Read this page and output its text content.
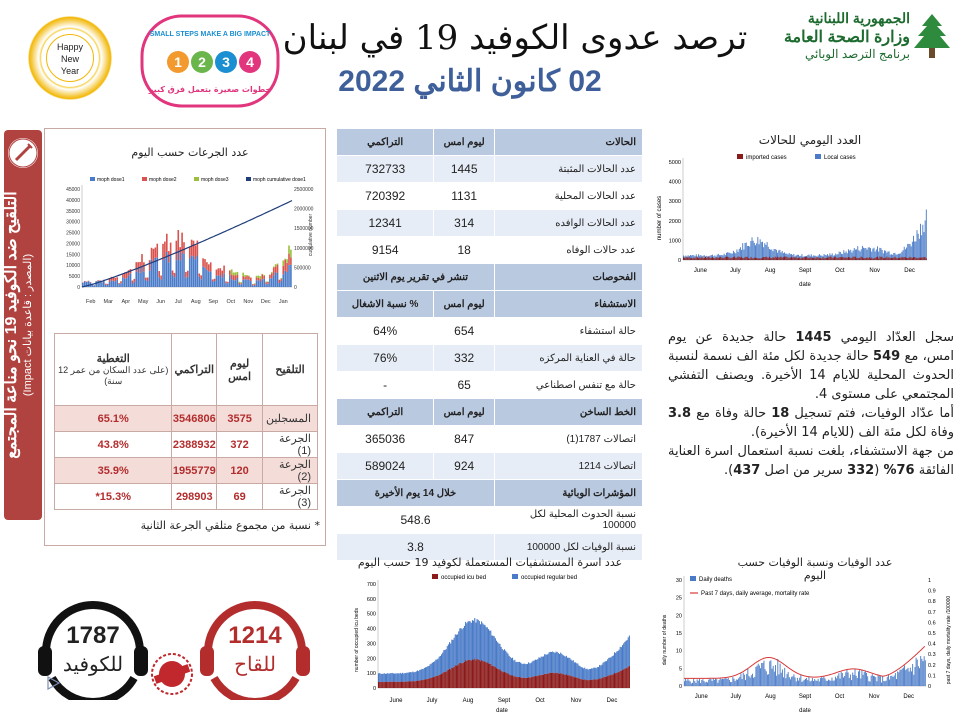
Happy
New
Year
SMALL STEPS MAKE A BIG IMPACT
1 2 3 4
خطوات صغيرة بتعمل فرق كبير
ترصد عدوى الكوفيد 19 في لبنان
02 كانون الثاني 2022
الجمهورية اللبنانية
وزارة الصحة العامة
برنامج الترصد الوبائي
التلقيح ضد الكوفيد 19 نحو مناعة المجتمع
(المصدر : قاعدة بيانات Impact)
عدد الجرعات حسب اليوم
moph dose1	moph dose2	moph dose3	moph cumulative dose1
0
5000
10000
15000
20000
25000
30000
35000
40000
45000
0
500000
1000000
1500000
2000000
2500000
Feb Mar Apr May Jun Jul Aug Sep Oct Nov Dec Jan
cumulative number
التلقيح	ليوم امس	التراكمي	التغطية
(على عدد السكان من عمر 12 سنة)

المسجلين	3575	3546806	65.1%
الجرعة (1)	372	2388932	43.8%
الجرعة (2)	120	1955779	35.9%
الجرعة (3)	69	298903	15.3%*
* نسبة من مجموع متلقي الجرعة الثانية
الحالات	ليوم امس	التراكمي
عدد الحالات المثبتة	1445	732733
عدد الحالات المحلية	1131	720392
عدد الحالات الوافده	314	12341
عدد حالات الوفاه	18	9154
الفحوصات	تنشر في تقرير يوم الاثنين	
الاستشفاء	ليوم امس	% نسبة الاشغال
حالة استشفاء	654	64%
حالة في العناية المركزه	332	76%
حالة مع تنفس اصطناعي	65	-
الخط الساخن	ليوم امس	التراكمي
اتصالات 1787(1)	847	365036
اتصالات 1214	924	589024
المؤشرات الوبائية	خلال 14 يوم الأخيرة	
نسبة الحدوث المحلية لكل 100000	548.6	
نسبة الوفيات لكل 100000	3.8	
العدد اليومي للحالات
imported cases	Local cases
number of cases
0
1000
2000
3000
4000
5000
June	July	Aug	Sept	Oct	Nov	Dec
date
سجل العدّاد اليومي 1445 حالة جديدة عن يوم امس، مع 549 حالة جديدة لكل مئة الف نسمة لنسبة الحدوث المحلية للايام 14 الأخيرة. ويصنف التفشي المجتمعي على مستوى 4.
أما عدّاد الوفيات، فتم تسجيل 18 حالة وفاة مع 3.8 وفاة لكل مئة الف (للايام 14 الأخيرة).
من جهة الاستشفاء، بلغت نسبة استعمال اسرة العناية الفائقة 76% (332 سرير من اصل 437).
عدد اسرة المستشفيات المستعملة لكوفيد 19 حسب اليوم
occupied icu bed	occupied regular bed
number of occupied icu beds
0
100
200
300
400
500
600
700
June	July	Aug	Sept	Oct	Nov	Dec
date
عدد الوفيات ونسبة الوفيات حسب اليوم
Daily deaths
Past 7 days, daily average, mortality rate
daily number of deaths	past 7 days, daily mortality rate /100000
0
5
10
15
20
25
30
0
0.1
0.2
0.3
0.4
0.5
0.6
0.7
0.8
0.9
1
June	July	Aug	Sept	Oct	Nov	Dec
date
1787
للكوفيد
1214
للقاح
